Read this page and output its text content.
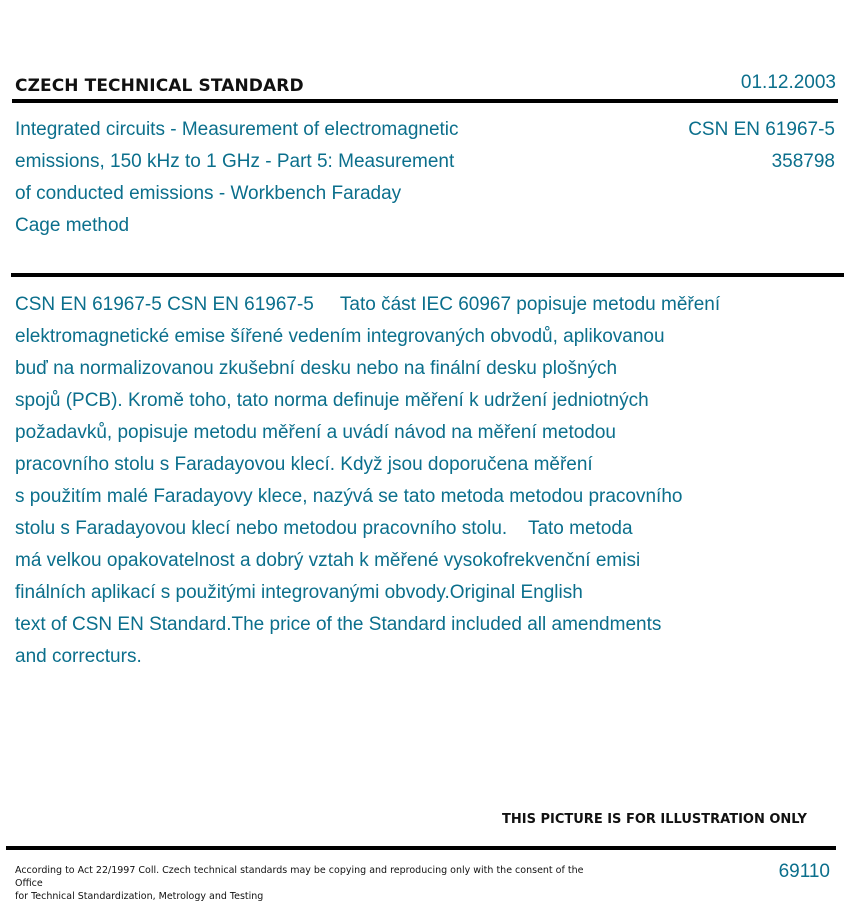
CZECH TECHNICAL STANDARD	01.12.2003
Integrated circuits - Measurement of electromagnetic
emissions, 150 kHz to 1 GHz - Part 5: Measurement
of conducted emissions - Workbench Faraday
Cage method
CSN EN 61967-5
358798
CSN EN 61967-5 CSN EN 61967-5     Tato část IEC 60967 popisuje metodu měření
elektromagnetické emise šířené vedením integrovaných obvodů, aplikovanou
buď na normalizovanou zkušební desku nebo na finální desku plošných
spojů (PCB). Kromě toho, tato norma definuje měření k udržení jedniotných
požadavků, popisuje metodu měření a uvádí návod na měření metodou
pracovního stolu s Faradayovou klecí. Když jsou doporučena měření
s použitím malé Faradayovy klece, nazývá se tato metoda metodou pracovního
stolu s Faradayovou klecí nebo metodou pracovního stolu.    Tato metoda
má velkou opakovatelnost a dobrý vztah k měřené vysokofrekvenční emisi
finálních aplikací s použitými integrovanými obvody.Original English
text of CSN EN Standard.The price of the Standard included all amendments
and correcturs.
THIS PICTURE IS FOR ILLUSTRATION ONLY
According to Act 22/1997 Coll. Czech technical standards may be copying and reproducing only with the consent of the Office
for Technical Standardization, Metrology and Testing
69110
